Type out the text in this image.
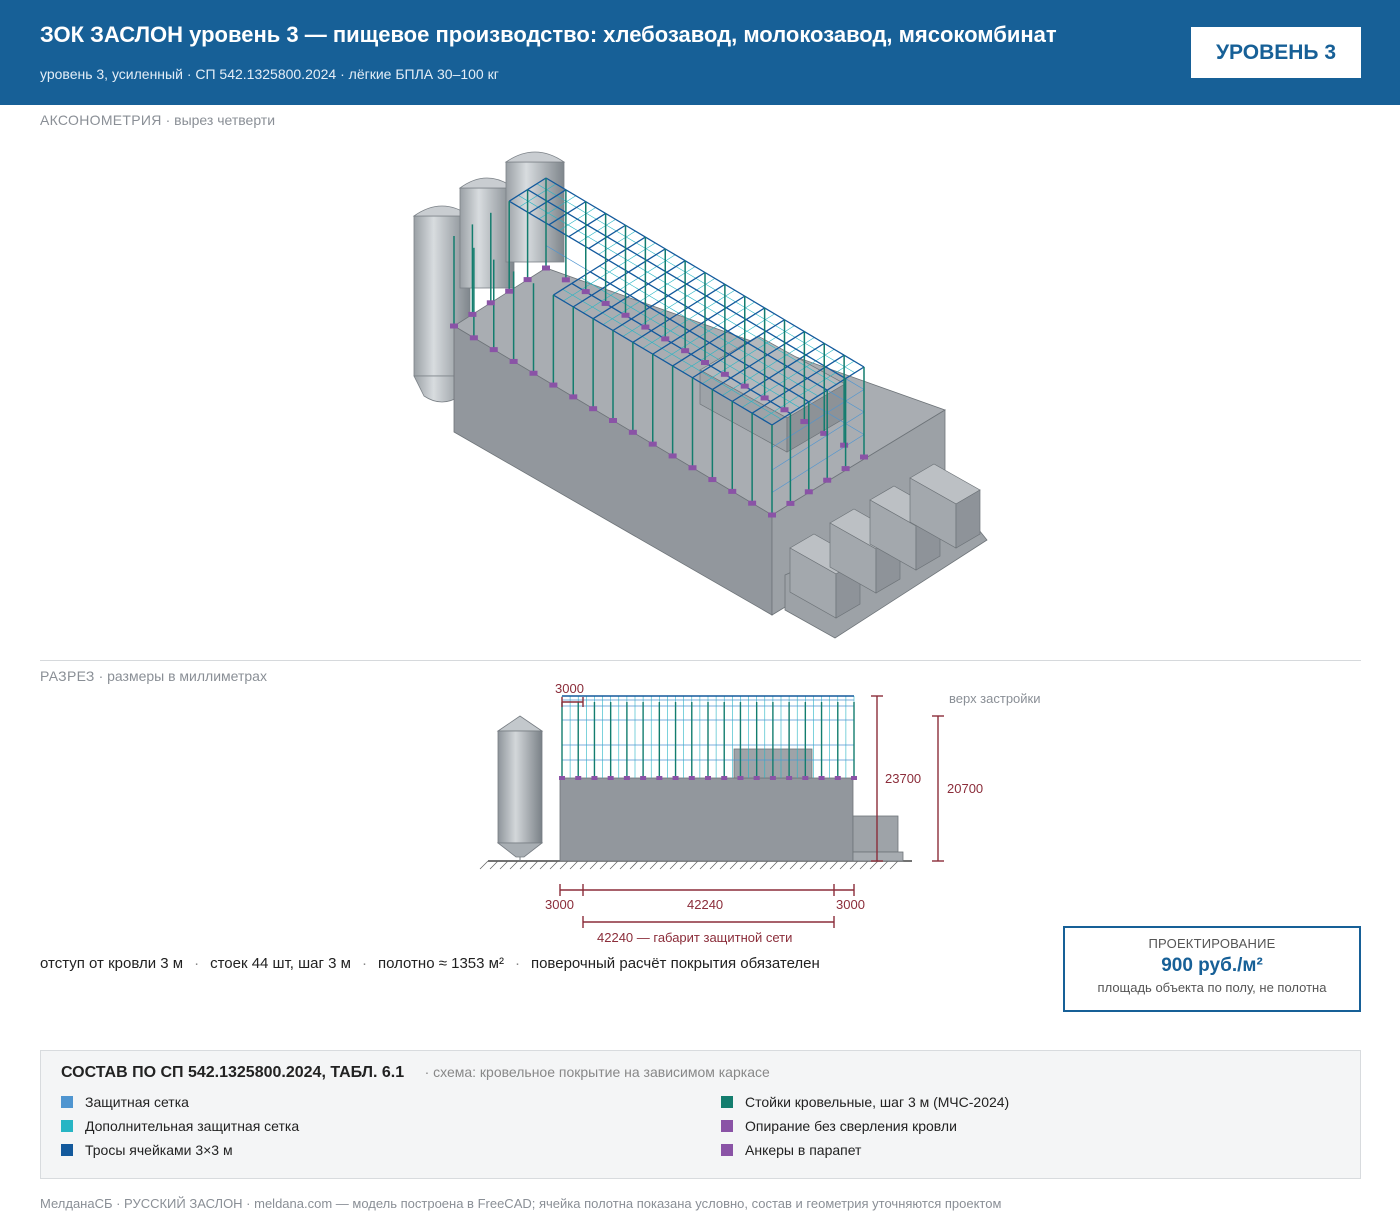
ЗОК ЗАСЛОН уровень 3 — пищевое производство: хлебозавод, молокозавод, мясокомбинат
уровень 3, усиленный · СП 542.1325800.2024 · лёгкие БПЛА 30–100 кг
УРОВЕНЬ 3
АКСОНОМЕТРИЯ · вырез четверти
РАЗРЕЗ · размеры в миллиметрах
3000
23700
20700
3000	42240	3000
42240 — габарит защитной сети
верх застройки
отступ от кровли 3 м · стоек 44 шт, шаг 3 м · полотно ≈ 1353 м² · поверочный расчёт покрытия обязателен
ПРОЕКТИРОВАНИЕ
900 руб./м²
площадь объекта по полу, не полотна
СОСТАВ ПО СП 542.1325800.2024, ТАБЛ. 6.1 · схема: кровельное покрытие на зависимом каркасе
Защитная сетка
Дополнительная защитная сетка
Тросы ячейками 3×3 м
Стойки кровельные, шаг 3 м (МЧС-2024)
Опирание без сверления кровли
Анкеры в парапет
МелданаСБ · РУССКИЙ ЗАСЛОН · meldana.com — модель построена в FreeCAD; ячейка полотна показана условно, состав и геометрия уточняются проектом
